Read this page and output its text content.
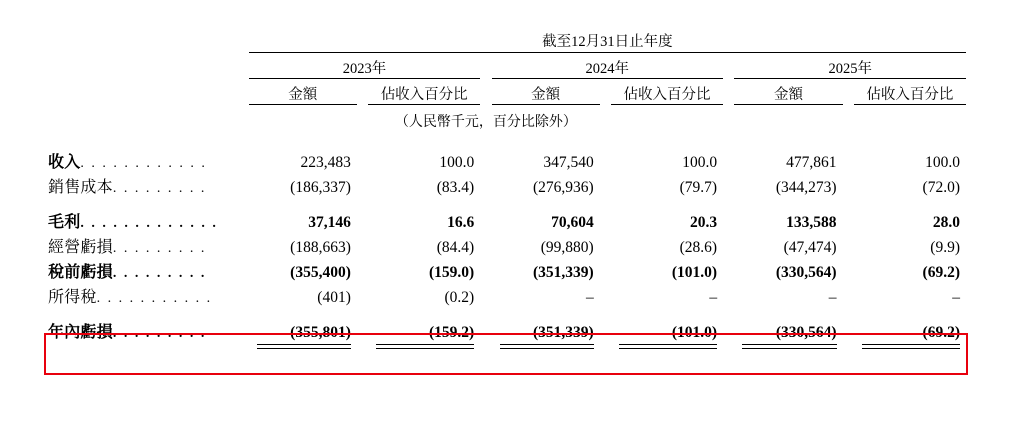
	截至12月31日止年度										

	2023年				2024年				2025年		
	金額		佔收入百分比		金額		佔收入百分比		金額		佔收入百分比
	（人民幣千元，百分比除外）										

收入. . . . . . . . . . . .	223,483		100.0		347,540		100.0		477,861		100.0
銷售成本. . . . . . . . .	(186,337)		(83.4)		(276,936)		(79.7)		(344,273)		(72.0)

毛利. . . . . . . . . . . . .	37,146		16.6		70,604		20.3		133,588		28.0
經營虧損. . . . . . . . .	(188,663)		(84.4)		(99,880)		(28.6)		(47,474)		(9.9)
稅前虧損. . . . . . . . .	(355,400)		(159.0)		(351,339)		(101.0)		(330,564)		(69.2)
所得稅. . . . . . . . . . .	(401)		(0.2)		–		–		–		–

年內虧損. . . . . . . . .	(355,801)		(159.2)		(351,339)		(101.0)		(330,564)		(69.2)
